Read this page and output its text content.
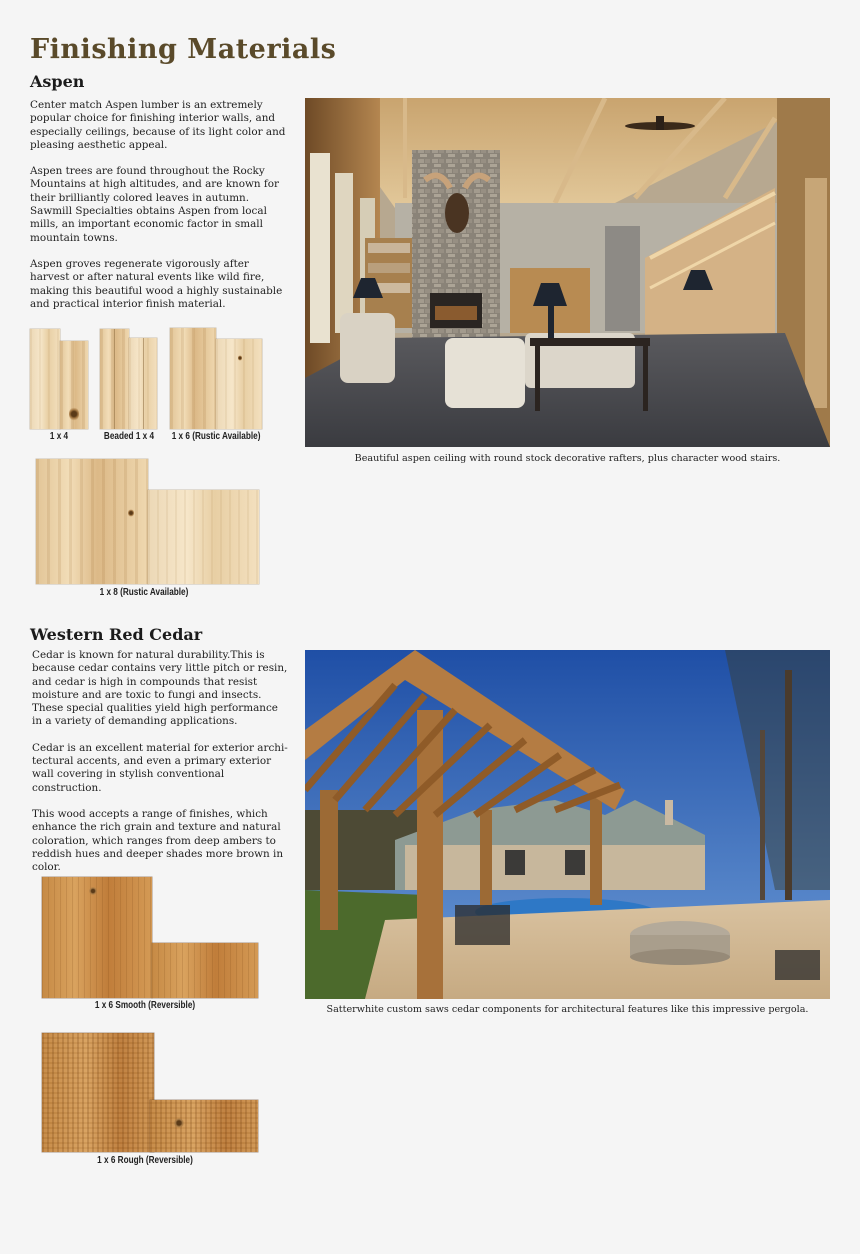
Finishing Materials
Aspen

Center match Aspen lumber is an extremely popular choice for finishing interior walls, and especially ceilings, because of its light color and pleasing aesthetic appeal.

Aspen trees are found throughout the Rocky Mountains at high altitudes, and are known for their brilliantly colored leaves in autumn. Sawmill Specialties obtains Aspen from local mills, an important economic factor in small mountain towns.

Aspen groves regenerate vigorously after harvest or after natural events like wild fire, making this beautiful wood a highly sustainable and practical interior finish material.

1 x 4	Beaded 1 x 4	1 x 6 (Rustic Available)
1 x 8 (Rustic Available)
Beautiful aspen ceiling with round stock decorative rafters, plus character wood stairs.
Western Red Cedar

Cedar is known for natural durability.This is because cedar contains very little pitch or resin, and cedar is high in compounds that resist moisture and are toxic to fungi and insects. These special qualities yield high performance in a variety of demanding applications.

Cedar is an excellent material for exterior archi-tectural accents, and even a primary exterior wall covering in stylish conventional construction.

This wood accepts a range of finishes, which enhance the rich grain and texture and natural coloration, which ranges from deep ambers to reddish hues and deeper shades more brown in color.

1 x 6 Smooth (Reversible)
1 x 6 Rough (Reversible)
Satterwhite custom saws cedar components for architectural features like this impressive pergola.
